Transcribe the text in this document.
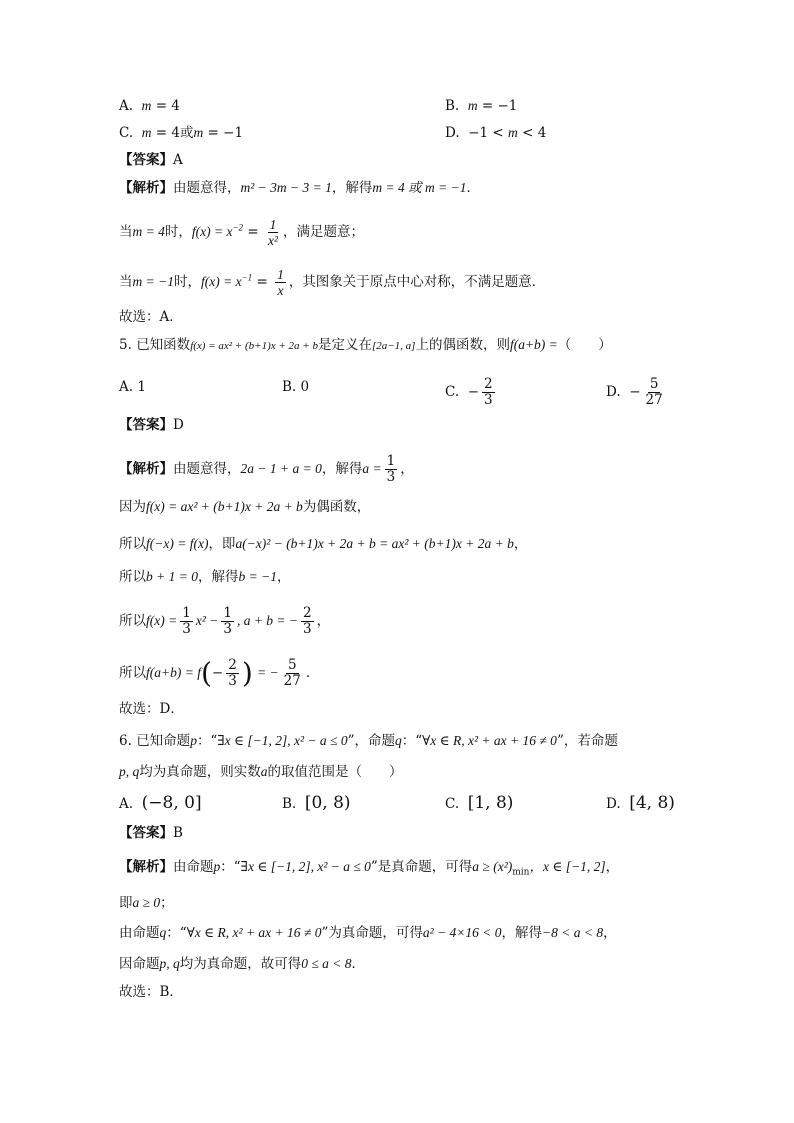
A. m = 4	B. m = −1
C. m = 4或m = −1	D. −1 < m < 4
【答案】A
【解析】由题意得，m² − 3m − 3 = 1，解得m = 4 或 m = −1．
当m = 4时，$f(x) = x^{-2} = \frac{1}{\text{x²}}$ ，满足题意；
当m = −1时，$f(x) = x^{-1} = \frac{1}{x}$ ，其图象关于原点中心对称，不满足题意．
故选：A．
5. 已知函数f(x) = ax² + (b+1)x + 2a + b是定义在[2a−1, a]上的偶函数，则f(a+b) =（　　）
A. 1	B. 0	C. − $\frac{2}{3}$	D. − $\frac{5}{27}$
【答案】D
【解析】由题意得，2a − 1 + a = 0，解得$a = \frac{1}{3}$ ，
因为f(x) = ax² + (b+1)x + 2a + b为偶函数，
所以f(−x) = f(x)，即a(−x)² − (b+1)x + 2a + b = ax² + (b+1)x + 2a + b，
所以b + 1 = 0，解得b = −1，
所以$f(x) = \frac{1}{3} x^2 - \frac{1}{3}$ , a + b = − $\frac{2}{3}$ ，
所以$f(a+b) = f(- \frac{2}{3}$ ) = − $\frac{5}{27}$ ．
故选：D．
6. 已知命题p：“∃x ∈ [−1, 2], x² − a ≤ 0”，命题q：“∀x ∈ R, x² + ax + 16 ≠ 0”，若命题
p, q均为真命题，则实数a的取值范围是（　　）
A. (−8, 0]	B. [0, 8)	C. [1, 8)	D. [4, 8)
【答案】B
【解析】由命题p：“∃x ∈ [−1, 2], x² − a ≤ 0”是真命题，可得$a \ge (x^2)_{min}$，x ∈ [−1, 2]，
即a ≥ 0；
由命题q：“∀x ∈ R, x² + ax + 16 ≠ 0”为真命题，可得a² − 4×16 < 0，解得−8 < a < 8，
因命题p, q均为真命题，故可得0 ≤ a < 8．
故选：B．
